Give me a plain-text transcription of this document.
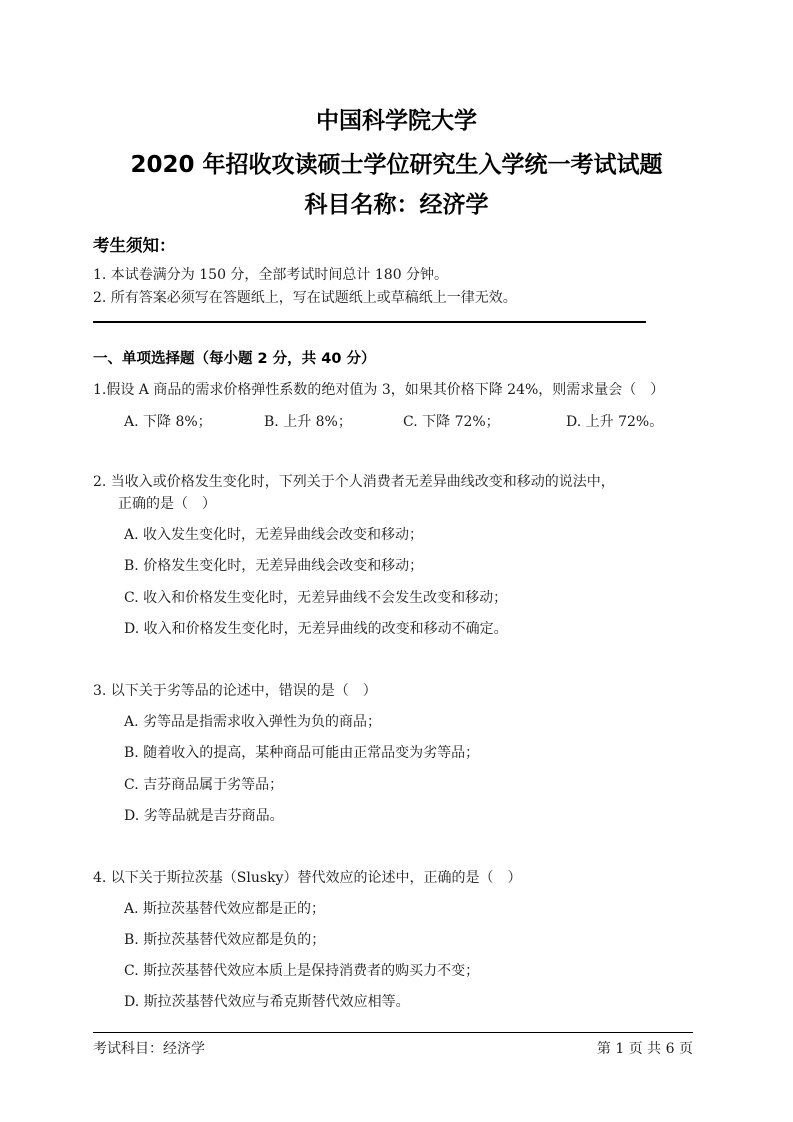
中国科学院大学
2020 年招收攻读硕士学位研究生入学统一考试试题
科目名称：经济学
考生须知：
1. 本试卷满分为 150 分，全部考试时间总计 180 分钟。
2. 所有答案必须写在答题纸上，写在试题纸上或草稿纸上一律无效。
一、单项选择题（每小题 2 分，共 40 分）
1.假设 A 商品的需求价格弹性系数的绝对值为 3，如果其价格下降 24%，则需求量会（　）
A. 下降 8%；	B. 上升 8%；	C. 下降 72%；	D. 上升 72%。
2. 当收入或价格发生变化时，下列关于个人消费者无差异曲线改变和移动的说法中，
正确的是（　）
A. 收入发生变化时，无差异曲线会改变和移动；
B. 价格发生变化时，无差异曲线会改变和移动；
C. 收入和价格发生变化时，无差异曲线不会发生改变和移动；
D. 收入和价格发生变化时，无差异曲线的改变和移动不确定。
3. 以下关于劣等品的论述中，错误的是（　）
A. 劣等品是指需求收入弹性为负的商品；
B. 随着收入的提高，某种商品可能由正常品变为劣等品；
C. 吉芬商品属于劣等品；
D. 劣等品就是吉芬商品。
4. 以下关于斯拉茨基（Slusky）替代效应的论述中，正确的是（　）
A. 斯拉茨基替代效应都是正的；
B. 斯拉茨基替代效应都是负的；
C. 斯拉茨基替代效应本质上是保持消费者的购买力不变；
D. 斯拉茨基替代效应与希克斯替代效应相等。
考试科目：经济学	第 1 页 共 6 页
